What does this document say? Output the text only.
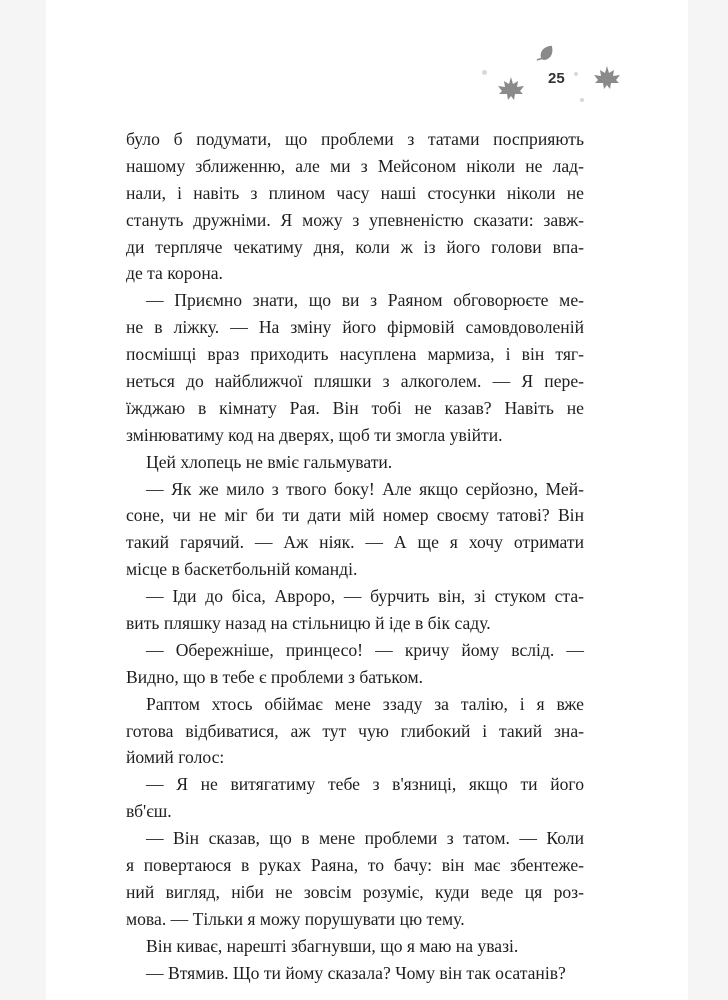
25
було б подумати, що проблеми з татами посприяють
нашому зближенню, але ми з Мейсоном ніколи не лад-
нали, і навіть з плином часу наші стосунки ніколи не
стануть дружніми. Я можу з упевненістю сказати: завж-
ди терпляче чекатиму дня, коли ж із його голови впа-
де та корона.
— Приємно знати, що ви з Раяном обговорюєте ме-
не в ліжку. — На зміну його фірмовій самовдоволеній
посмішці враз приходить насуплена мармиза, і він тяг-
неться до найближчої пляшки з алкоголем. — Я пере-
їжджаю в кімнату Рая. Він тобі не казав? Навіть не
змінюватиму код на дверях, щоб ти змогла увійти.
Цей хлопець не вміє гальмувати.
— Як же мило з твого боку! Але якщо серйозно, Мей-
соне, чи не міг би ти дати мій номер своєму татові? Він
такий гарячий. — Аж ніяк. — А ще я хочу отримати
місце в баскетбольній команді.
— Іди до біса, Авроро, — бурчить він, зі стуком ста-
вить пляшку назад на стільницю й іде в бік саду.
— Обережніше, принцесо! — кричу йому вслід. —
Видно, що в тебе є проблеми з батьком.
Раптом хтось обіймає мене ззаду за талію, і я вже
готова відбиватися, аж тут чую глибокий і такий зна-
йомий голос:
— Я не витягатиму тебе з в'язниці, якщо ти його
вб'єш.
— Він сказав, що в мене проблеми з татом. — Коли
я повертаюся в руках Раяна, то бачу: він має збентеже-
ний вигляд, ніби не зовсім розуміє, куди веде ця роз-
мова. — Тільки я можу порушувати цю тему.
Він киває, нарешті збагнувши, що я маю на увазі.
— Втямив. Що ти йому сказала? Чому він так осатанів?
